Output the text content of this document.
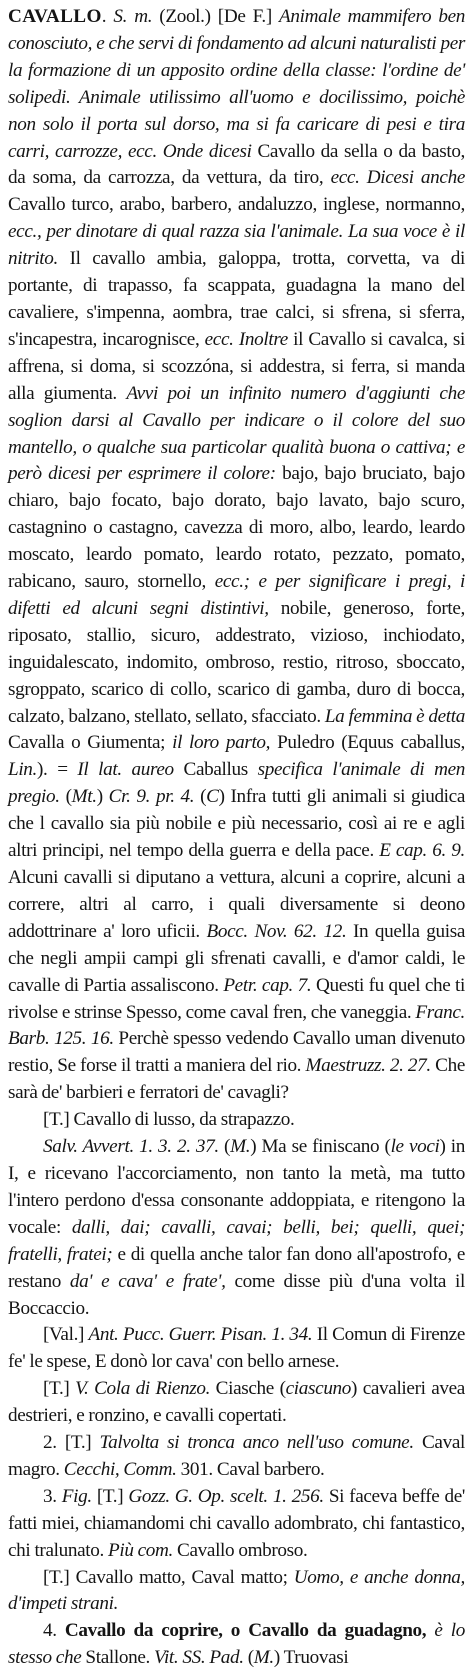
CAVALLO. S. m. (Zool.) [De F.] Animale mammifero ben conosciuto, e che servi di fondamento ad alcuni naturalisti per la formazione di un apposito ordine della classe: l'ordine de' solipedi. Animale utilissimo all'uomo e docilissimo, poichè non solo il porta sul dorso, ma si fa caricare di pesi e tira carri, carrozze, ecc. Onde dicesi Cavallo da sella o da basto, da soma, da carrozza, da vettura, da tiro, ecc. Dicesi anche Cavallo turco, arabo, barbero, andaluzzo, inglese, normanno, ecc., per dinotare di qual razza sia l'animale. La sua voce è il nitrito. Il cavallo ambia, galoppa, trotta, corvetta, va di portante, di trapasso, fa scappata, guadagna la mano del cavaliere, s'impenna, aombra, trae calci, si sfrena, si sferra, s'incapestra, incarognisce, ecc. Inoltre il Cavallo si cavalca, si affrena, si doma, si scozzóna, si addestra, si ferra, si manda alla giumenta. Avvi poi un infinito numero d'aggiunti che soglion darsi al Cavallo per indicare o il colore del suo mantello, o qualche sua particolar qualità buona o cattiva; e però dicesi per esprimere il colore: bajo, bajo bruciato, bajo chiaro, bajo focato, bajo dorato, bajo lavato, bajo scuro, castagnino o castagno, cavezza di moro, albo, leardo, leardo moscato, leardo pomato, leardo rotato, pezzato, pomato, rabicano, sauro, stornello, ecc.; e per significare i pregi, i difetti ed alcuni segni distintivi, nobile, generoso, forte, riposato, stallio, sicuro, addestrato, vizioso, inchiodato, inguidalescato, indomito, ombroso, restio, ritroso, sboccato, sgroppato, scarico di collo, scarico di gamba, duro di bocca, calzato, balzano, stellato, sellato, sfacciato. La femmina è detta Cavalla o Giumenta; il loro parto, Puledro (Equus caballus, Lin.). = Il lat. aureo Caballus specifica l'animale di men pregio. (Mt.) Cr. 9. pr. 4. (C) Infra tutti gli animali si giudica che l cavallo sia più nobile e più necessario, così ai re e agli altri principi, nel tempo della guerra e della pace. E cap. 6. 9. Alcuni cavalli si diputano a vettura, alcuni a coprire, alcuni a correre, altri al carro, i quali diversamente si deono addottrinare a' loro uficii. Bocc. Nov. 62. 12. In quella guisa che negli ampii campi gli sfrenati cavalli, e d'amor caldi, le cavalle di Partia assaliscono. Petr. cap. 7. Questi fu quel che ti rivolse e strinse Spesso, come caval fren, che vaneggia. Franc. Barb. 125. 16. Perchè spesso vedendo Cavallo uman divenuto restio, Se forse il tratti a maniera del rio. Maestruzz. 2. 27. Che sarà de' barbieri e ferratori de' cavagli?

[T.] Cavallo di lusso, da strapazzo.

Salv. Avvert. 1. 3. 2. 37. (M.) Ma se finiscano (le voci) in I, e ricevano l'accorciamento, non tanto la metà, ma tutto l'intero perdono d'essa consonante addoppiata, e ritengono la vocale: dalli, dai; cavalli, cavai; belli, bei; quelli, quei; fratelli, fratei; e di quella anche talor fan dono all'apostrofo, e restano da' e cava' e frate', come disse più d'una volta il Boccaccio.

[Val.] Ant. Pucc. Guerr. Pisan. 1. 34. Il Comun di Firenze fe' le spese, E donò lor cava' con bello arnese.

[T.] V. Cola di Rienzo. Ciasche (ciascuno) cavalieri avea destrieri, e ronzino, e cavalli copertati.

2. [T.] Talvolta si tronca anco nell'uso comune. Caval magro. Cecchi, Comm. 301. Caval barbero.

3. Fig. [T.] Gozz. G. Op. scelt. 1. 256. Si faceva beffe de' fatti miei, chiamandomi chi cavallo adombrato, chi fantastico, chi tralunato. Più com. Cavallo ombroso.

[T.] Cavallo matto, Caval matto; Uomo, e anche donna, d'impeti strani.

4. Cavallo da coprire, o Cavallo da guadagno, è lo stesso che Stallone. Vit. SS. Pad. (M.) Truovasi
